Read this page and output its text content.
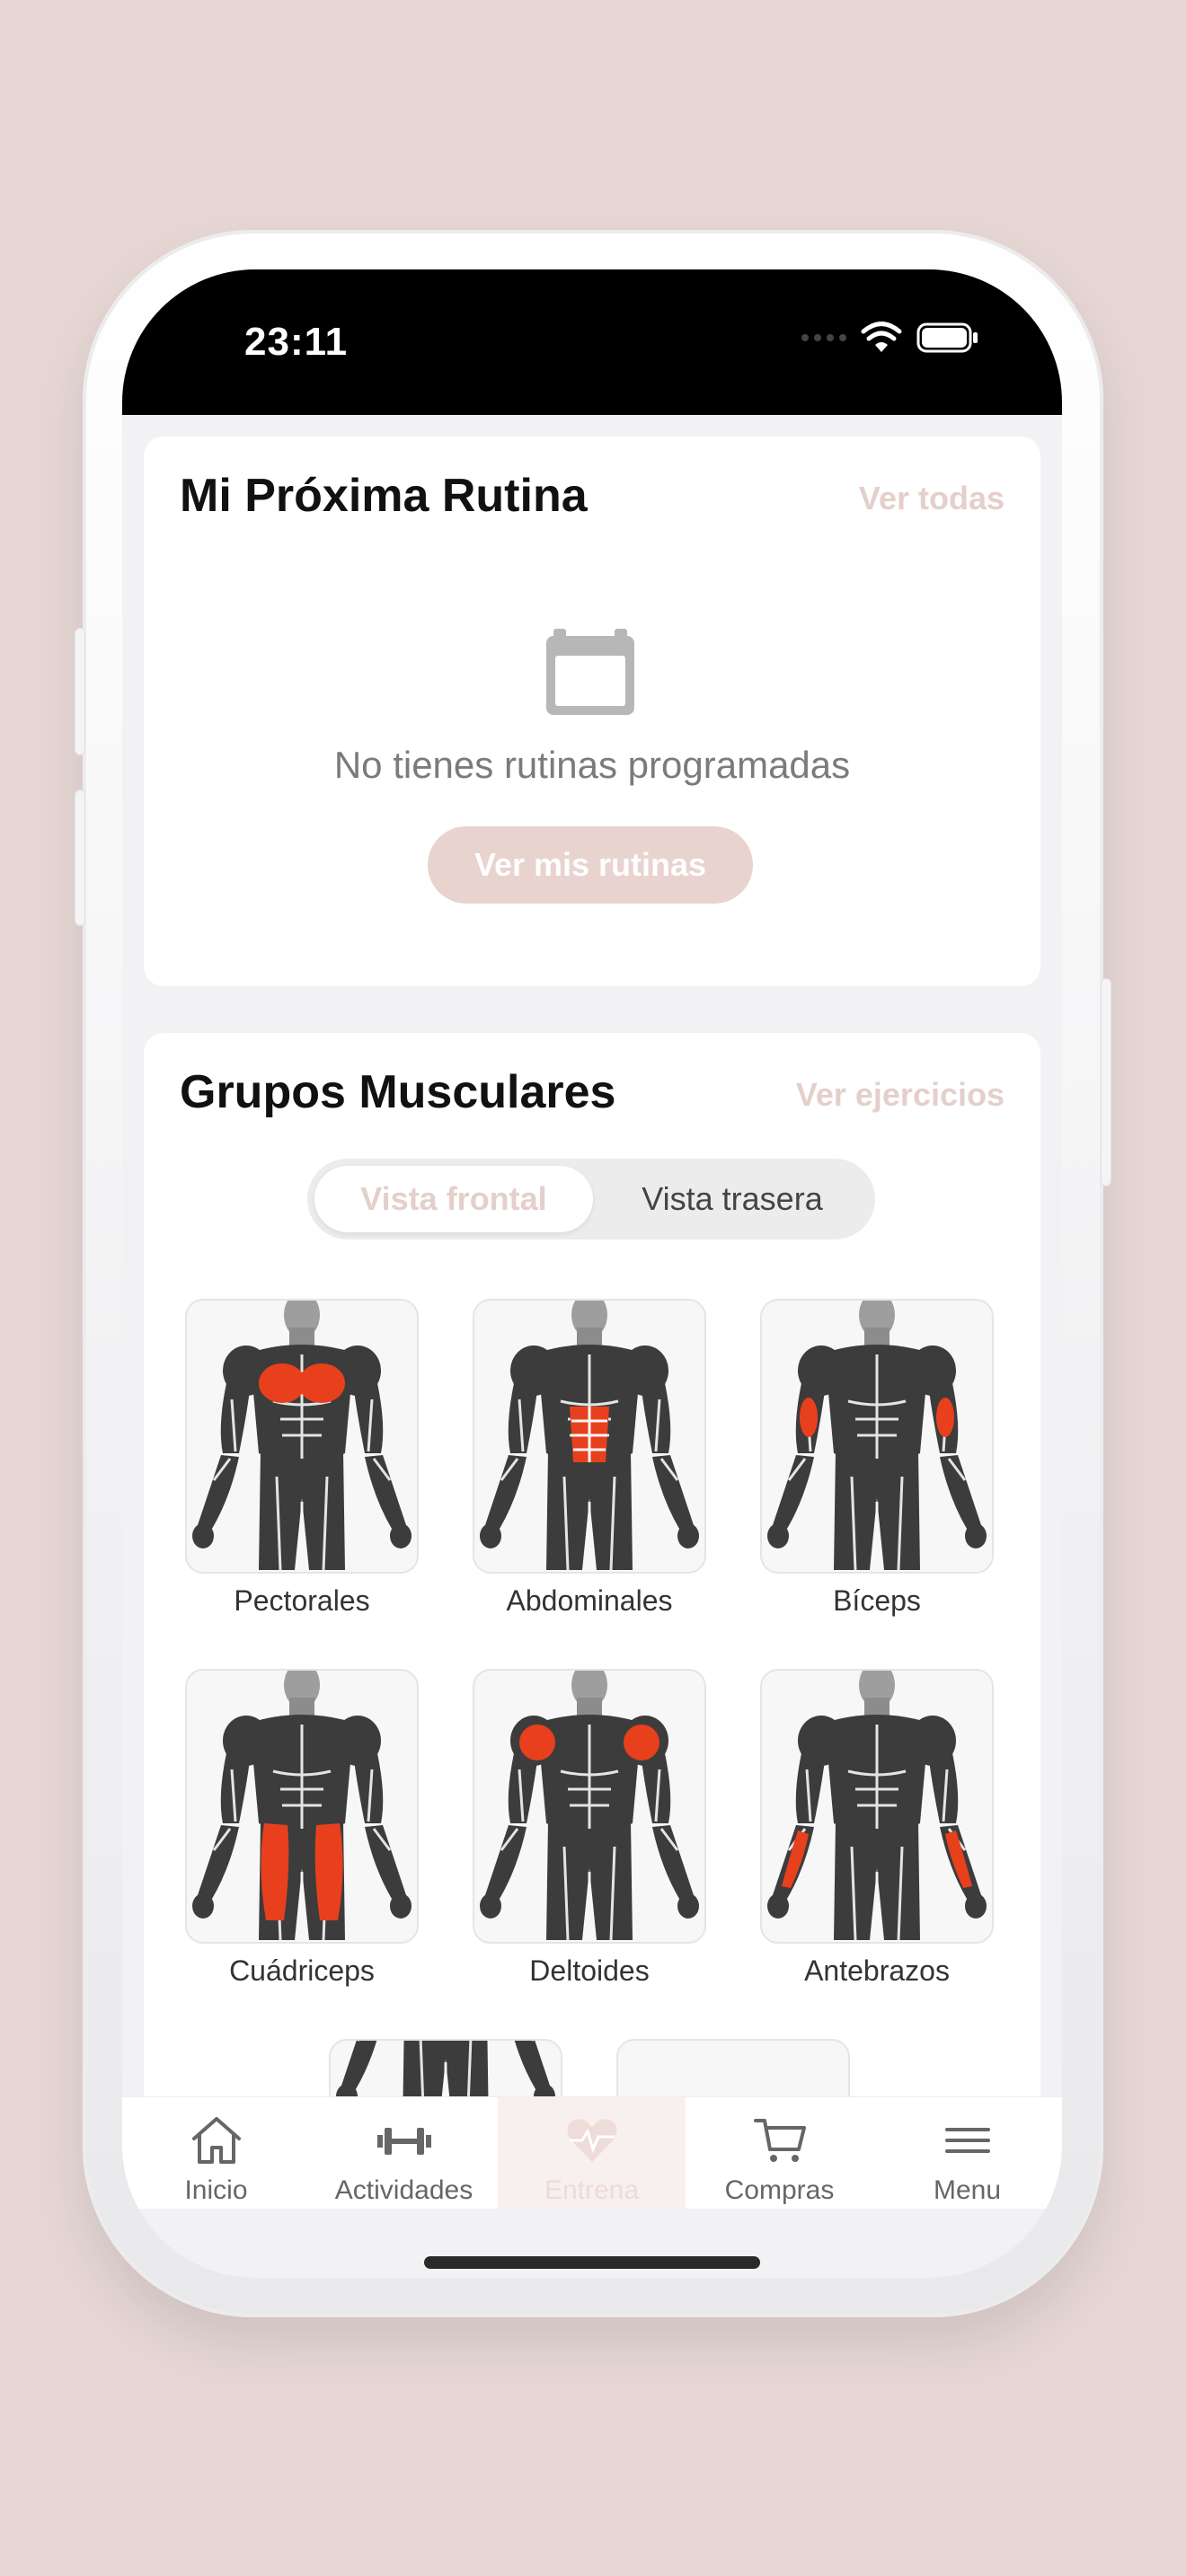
23:11
Mi Próxima Rutina	Ver todas
No tienes rutinas programadas
Ver mis rutinas
Grupos Musculares	Ver ejercicios
Vista frontal	Vista trasera
Pectorales	Abdominales	Bíceps
Cuádriceps	Deltoides	Antebrazos
Inicio	Actividades	Entrena	Compras	Menu
